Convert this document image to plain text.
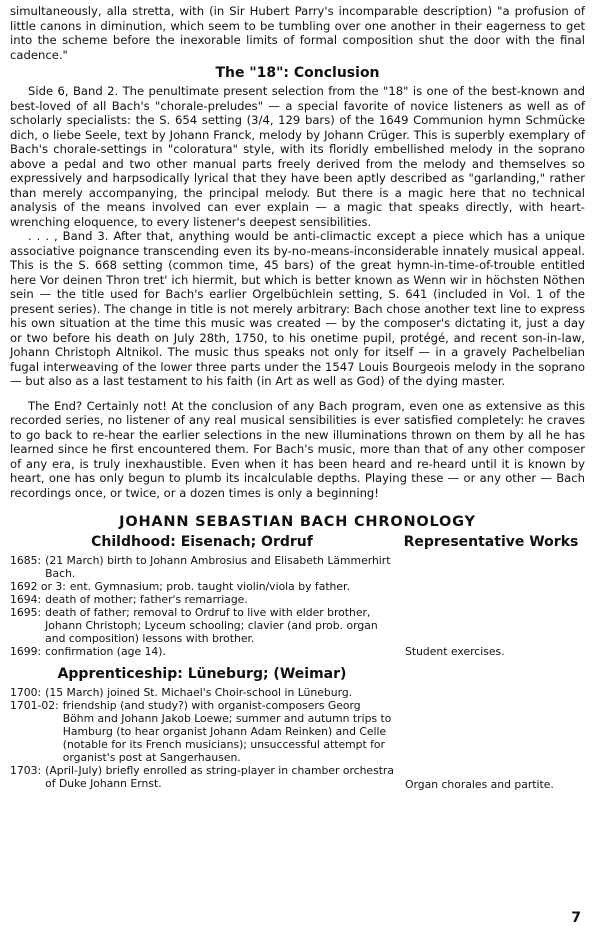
simultaneously, alla stretta, with (in Sir Hubert Parry's incomparable description) "a profusion of little canons in diminution, which seem to be tumbling over one another in their eagerness to get into the scheme before the inexorable limits of formal composition shut the door with the final cadence."

The "18": Conclusion

Side 6, Band 2. The penultimate present selection from the "18" is one of the best-known and best-loved of all Bach's "chorale-preludes" — a special favorite of novice listeners as well as of scholarly specialists: the S. 654 setting (3/4, 129 bars) of the 1649 Communion hymn Schmücke dich, o liebe Seele, text by Johann Franck, melody by Johann Crüger. This is superbly exemplary of Bach's chorale-settings in "coloratura" style, with its floridly embellished melody in the soprano above a pedal and two other manual parts freely derived from the melody and themselves so expressively and harpsodically lyrical that they have been aptly described as "garlanding," rather than merely accompanying, the principal melody. But there is a magic here that no technical analysis of the means involved can ever explain — a magic that speaks directly, with heart-wrenching eloquence, to every listener's deepest sensibilities.

. . . , Band 3. After that, anything would be anti-climactic except a piece which has a unique associative poignance transcending even its by-no-means-inconsiderable innately musical appeal. This is the S. 668 setting (common time, 45 bars) of the great hymn-in-time-of-trouble entitled here Vor deinen Thron tret' ich hiermit, but which is better known as Wenn wir in höchsten Nöthen sein — the title used for Bach's earlier Orgelbüchlein setting, S. 641 (included in Vol. 1 of the present series). The change in title is not merely arbitrary: Bach chose another text line to express his own situation at the time this music was created — by the composer's dictating it, just a day or two before his death on July 28th, 1750, to his onetime pupil, protégé, and recent son-in-law, Johann Christoph Altnikol. The music thus speaks not only for itself — in a gravely Pachelbelian fugal interweaving of the lower three parts under the 1547 Louis Bourgeois melody in the soprano — but also as a last testament to his faith (in Art as well as God) of the dying master.

The End? Certainly not! At the conclusion of any Bach program, even one as extensive as this recorded series, no listener of any real musical sensibilities is ever satisfied completely: he craves to go back to re-hear the earlier selections in the new illuminations thrown on them by all he has learned since he first encountered them. For Bach's music, more than that of any other composer of any era, is truly inexhaustible. Even when it has been heard and re-heard until it is known by heart, one has only begun to plumb its incalculable depths. Playing these — or any other — Bach recordings once, or twice, or a dozen times is only a beginning!

JOHANN SEBASTIAN BACH CHRONOLOGY
Childhood: Eisenach; Ordruf	Representative Works
1685: (21 March) birth to Johann Ambrosius and Elisabeth Lämmerhirt Bach.
1692 or 3: ent. Gymnasium; prob. taught violin/viola by father.
1694: death of mother; father's remarriage.
1695: death of father; removal to Ordruf to live with elder brother, Johann Christoph; Lyceum schooling; clavier (and prob. organ and composition) lessons with brother.
1699: confirmation (age 14).	Student exercises.
Apprenticeship: Lüneburg; (Weimar)
1700: (15 March) joined St. Michael's Choir-school in Lüneburg.
1701-02: friendship (and study?) with organist-composers Georg Böhm and Johann Jakob Loewe; summer and autumn trips to Hamburg (to hear organist Johann Adam Reinken) and Celle (notable for its French musicians); unsuccessful attempt for organist's post at Sangerhausen.
1703: (April-July) briefly enrolled as string-player in chamber orchestra of Duke Johann Ernst.	Organ chorales and partite.
7
